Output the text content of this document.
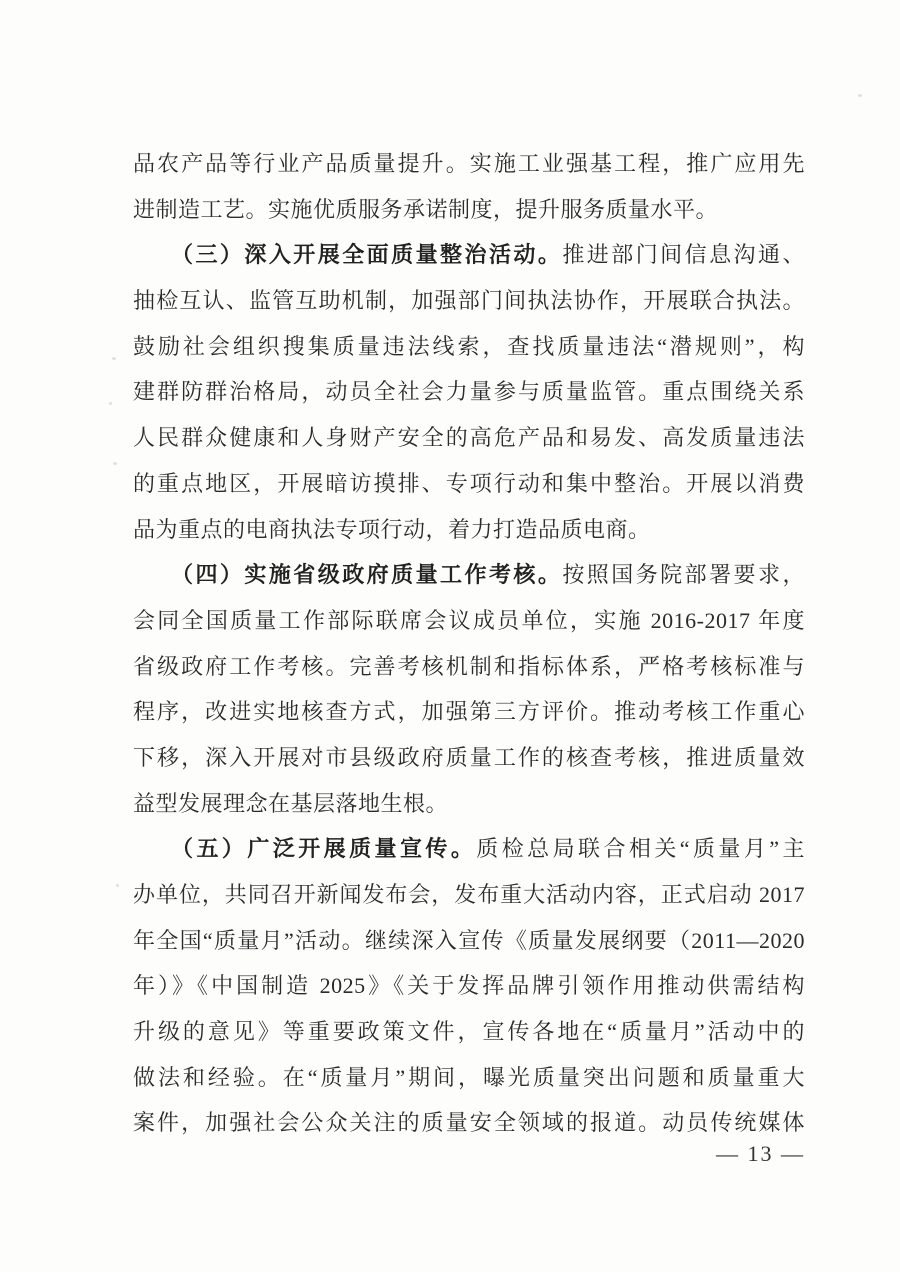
品农产品等行业产品质量提升。实施工业强基工程，推广应用先
进制造工艺。实施优质服务承诺制度，提升服务质量水平。
（三）深入开展全面质量整治活动。推进部门间信息沟通、
抽检互认、监管互助机制，加强部门间执法协作，开展联合执法。
鼓励社会组织搜集质量违法线索，查找质量违法“潜规则”，构
建群防群治格局，动员全社会力量参与质量监管。重点围绕关系
人民群众健康和人身财产安全的高危产品和易发、高发质量违法
的重点地区，开展暗访摸排、专项行动和集中整治。开展以消费
品为重点的电商执法专项行动，着力打造品质电商。
（四）实施省级政府质量工作考核。按照国务院部署要求，
会同全国质量工作部际联席会议成员单位，实施 2016-2017 年度
省级政府工作考核。完善考核机制和指标体系，严格考核标准与
程序，改进实地核查方式，加强第三方评价。推动考核工作重心
下移，深入开展对市县级政府质量工作的核查考核，推进质量效
益型发展理念在基层落地生根。
（五）广泛开展质量宣传。质检总局联合相关“质量月”主
办单位，共同召开新闻发布会，发布重大活动内容，正式启动 2017
年全国“质量月”活动。继续深入宣传《质量发展纲要（2011—2020
年）》《中国制造 2025》《关于发挥品牌引领作用推动供需结构
升级的意见》等重要政策文件，宣传各地在“质量月”活动中的
做法和经验。在“质量月”期间，曝光质量突出问题和质量重大
案件，加强社会公众关注的质量安全领域的报道。动员传统媒体
— 13 —
